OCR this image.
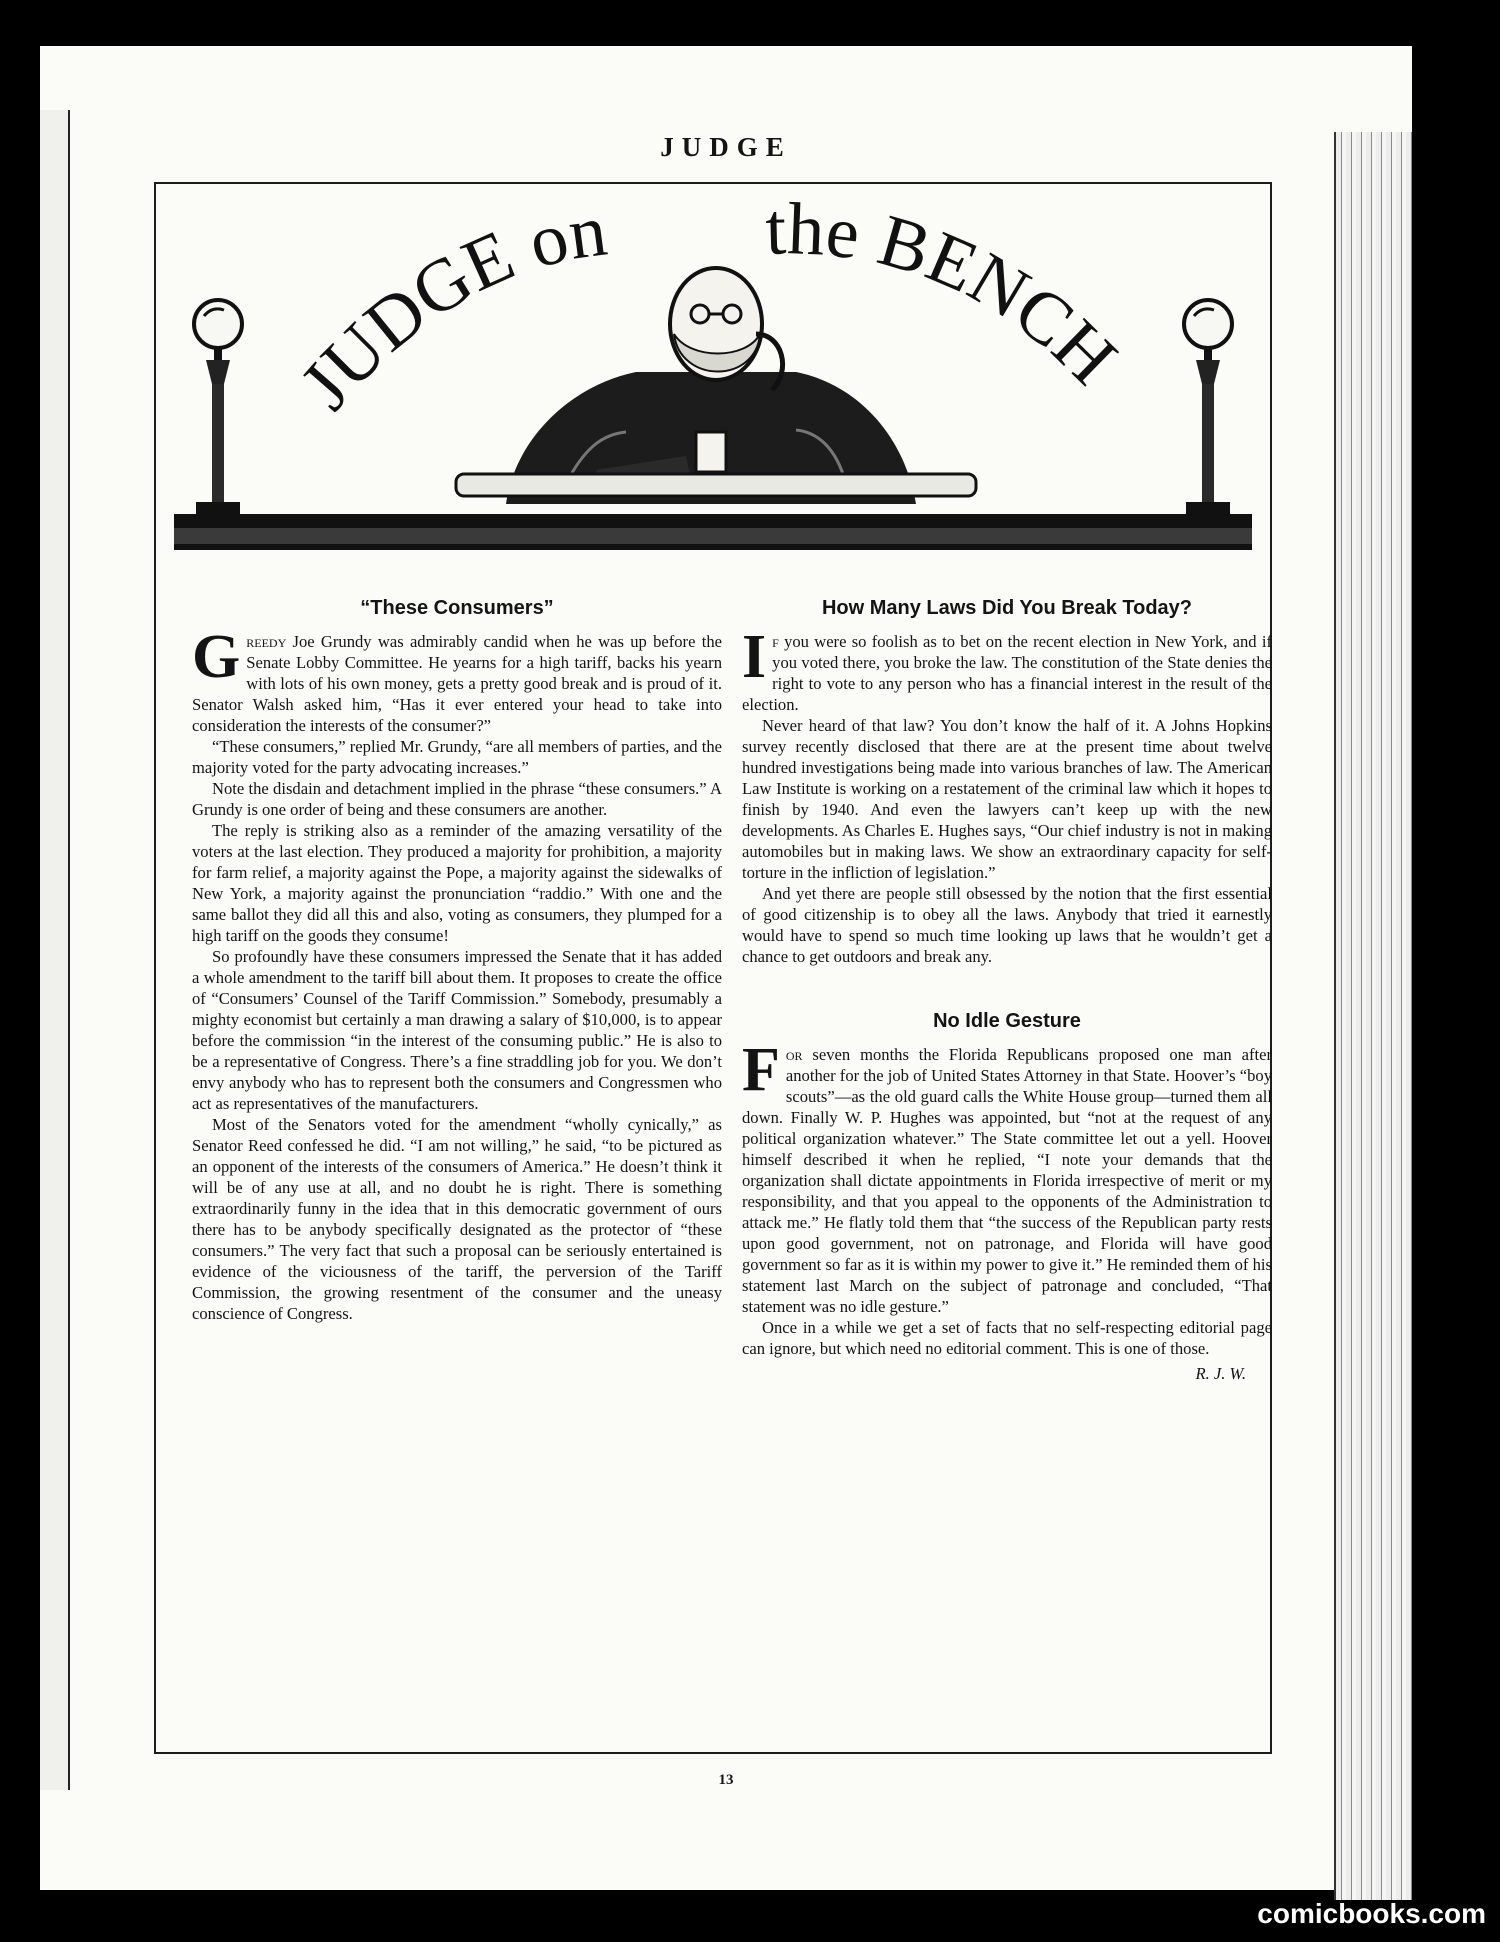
JUDGE
JUDGE on the BENCH
“These Consumers”

Greedy Joe Grundy was admirably candid when he was up before the Senate Lobby Committee. He yearns for a high tariff, backs his yearn with lots of his own money, gets a pretty good break and is proud of it. Senator Walsh asked him, “Has it ever entered your head to take into consideration the interests of the consumer?”

“These consumers,” replied Mr. Grundy, “are all members of parties, and the majority voted for the party advocating increases.”

Note the disdain and detachment implied in the phrase “these consumers.” A Grundy is one order of being and these consumers are another.

The reply is striking also as a reminder of the amazing versatility of the voters at the last election. They produced a majority for prohibition, a majority for farm relief, a majority against the Pope, a majority against the sidewalks of New York, a majority against the pronunciation “raddio.” With one and the same ballot they did all this and also, voting as consumers, they plumped for a high tariff on the goods they consume!

So profoundly have these consumers impressed the Senate that it has added a whole amendment to the tariff bill about them. It proposes to create the office of “Consumers’ Counsel of the Tariff Commission.” Somebody, presumably a mighty economist but certainly a man drawing a salary of $10,000, is to appear before the commission “in the interest of the consuming public.” He is also to be a representative of Congress. There’s a fine straddling job for you. We don’t envy anybody who has to represent both the consumers and Congressmen who act as representatives of the manufacturers.

Most of the Senators voted for the amendment “wholly cynically,” as Senator Reed confessed he did. “I am not willing,” he said, “to be pictured as an opponent of the interests of the consumers of America.” He doesn’t think it will be of any use at all, and no doubt he is right. There is something extraordinarily funny in the idea that in this democratic government of ours there has to be anybody specifically designated as the protector of “these consumers.” The very fact that such a proposal can be seriously entertained is evidence of the viciousness of the tariff, the perversion of the Tariff Commission, the growing resentment of the consumer and the uneasy conscience of Congress.

How Many Laws Did You Break Today?

If you were so foolish as to bet on the recent election in New York, and if you voted there, you broke the law. The constitution of the State denies the right to vote to any person who has a financial interest in the result of the election.

Never heard of that law? You don’t know the half of it. A Johns Hopkins survey recently disclosed that there are at the present time about twelve hundred investigations being made into various branches of law. The American Law Institute is working on a restatement of the criminal law which it hopes to finish by 1940. And even the lawyers can’t keep up with the new developments. As Charles E. Hughes says, “Our chief industry is not in making automobiles but in making laws. We show an extraordinary capacity for self-torture in the infliction of legislation.”

And yet there are people still obsessed by the notion that the first essential of good citizenship is to obey all the laws. Anybody that tried it earnestly would have to spend so much time looking up laws that he wouldn’t get a chance to get outdoors and break any.

No Idle Gesture

For seven months the Florida Republicans proposed one man after another for the job of United States Attorney in that State. Hoover’s “boy scouts”—as the old guard calls the White House group—turned them all down. Finally W. P. Hughes was appointed, but “not at the request of any political organization whatever.” The State committee let out a yell. Hoover himself described it when he replied, “I note your demands that the organization shall dictate appointments in Florida irrespective of merit or my responsibility, and that you appeal to the opponents of the Administration to attack me.” He flatly told them that “the success of the Republican party rests upon good government, not on patronage, and Florida will have good government so far as it is within my power to give it.” He reminded them of his statement last March on the subject of patronage and concluded, “That statement was no idle gesture.”

Once in a while we get a set of facts that no self-respecting editorial page can ignore, but which need no editorial comment. This is one of those.

R. J. W.
13
comicbooks.com
